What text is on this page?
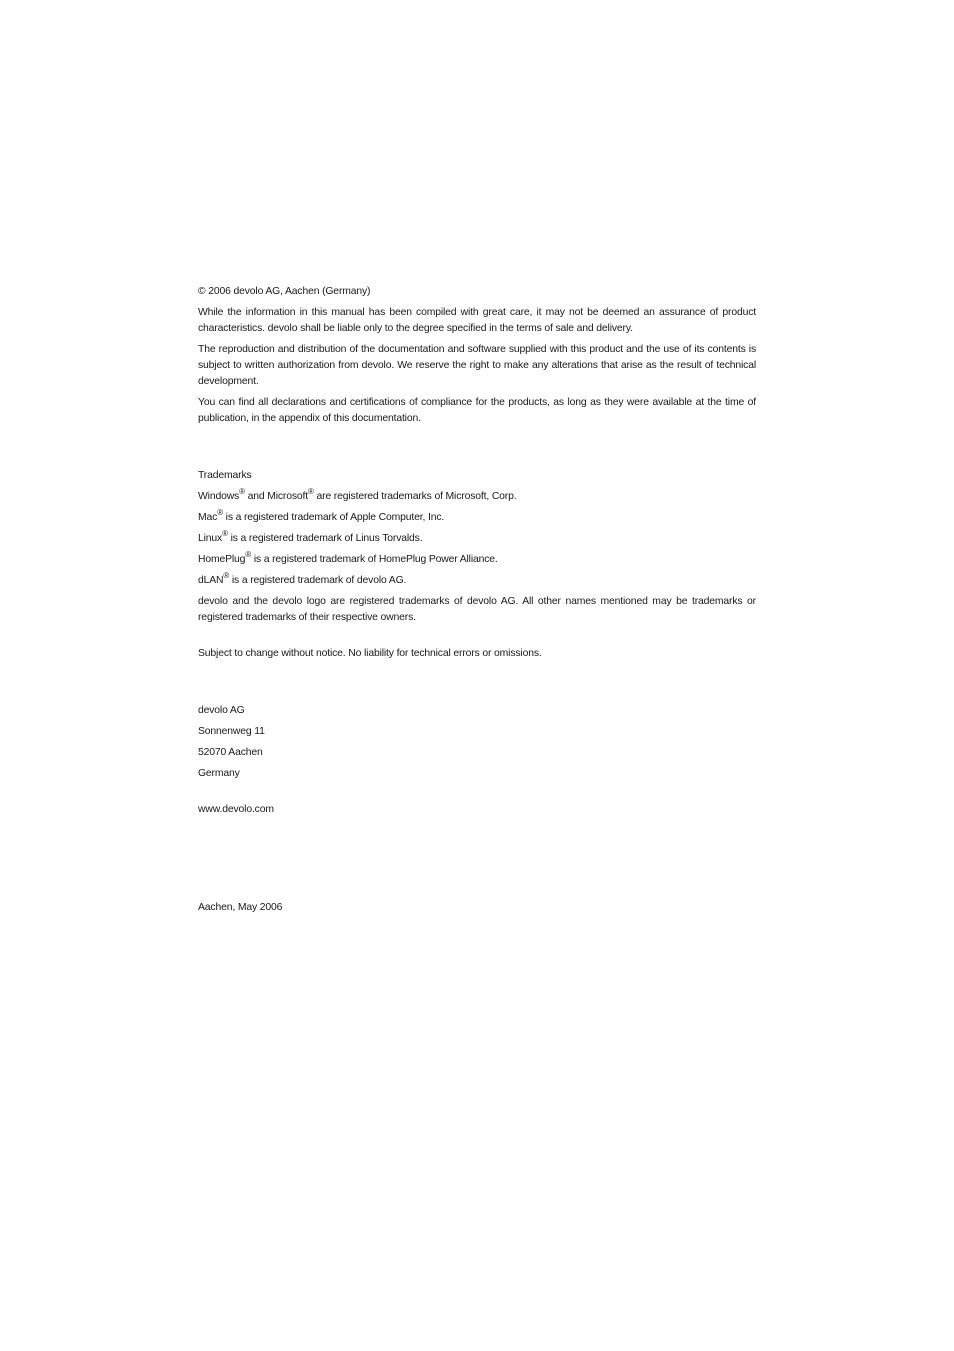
© 2006 devolo AG, Aachen (Germany)
While the information in this manual has been compiled with great care, it may not be deemed an assurance of product characteristics. devolo shall be liable only to the degree specified in the terms of sale and delivery.
The reproduction and distribution of the documentation and software supplied with this product and the use of its contents is subject to written authorization from devolo. We reserve the right to make any alterations that arise as the result of technical development.
You can find all declarations and certifications of compliance for the products, as long as they were available at the time of publication, in the appendix of this documentation.
Trademarks
Windows® and Microsoft® are registered trademarks of Microsoft, Corp.
Mac® is a registered trademark of Apple Computer, Inc.
Linux® is a registered trademark of Linus Torvalds.
HomePlug® is a registered trademark of HomePlug Power Alliance.
dLAN® is a registered trademark of devolo AG.
devolo and the devolo logo are registered trademarks of devolo AG. All other names mentioned may be trademarks or registered trademarks of their respective owners.
Subject to change without notice. No liability for technical errors or omissions.
devolo AG
Sonnenweg 11
52070 Aachen
Germany
www.devolo.com
Aachen, May 2006
